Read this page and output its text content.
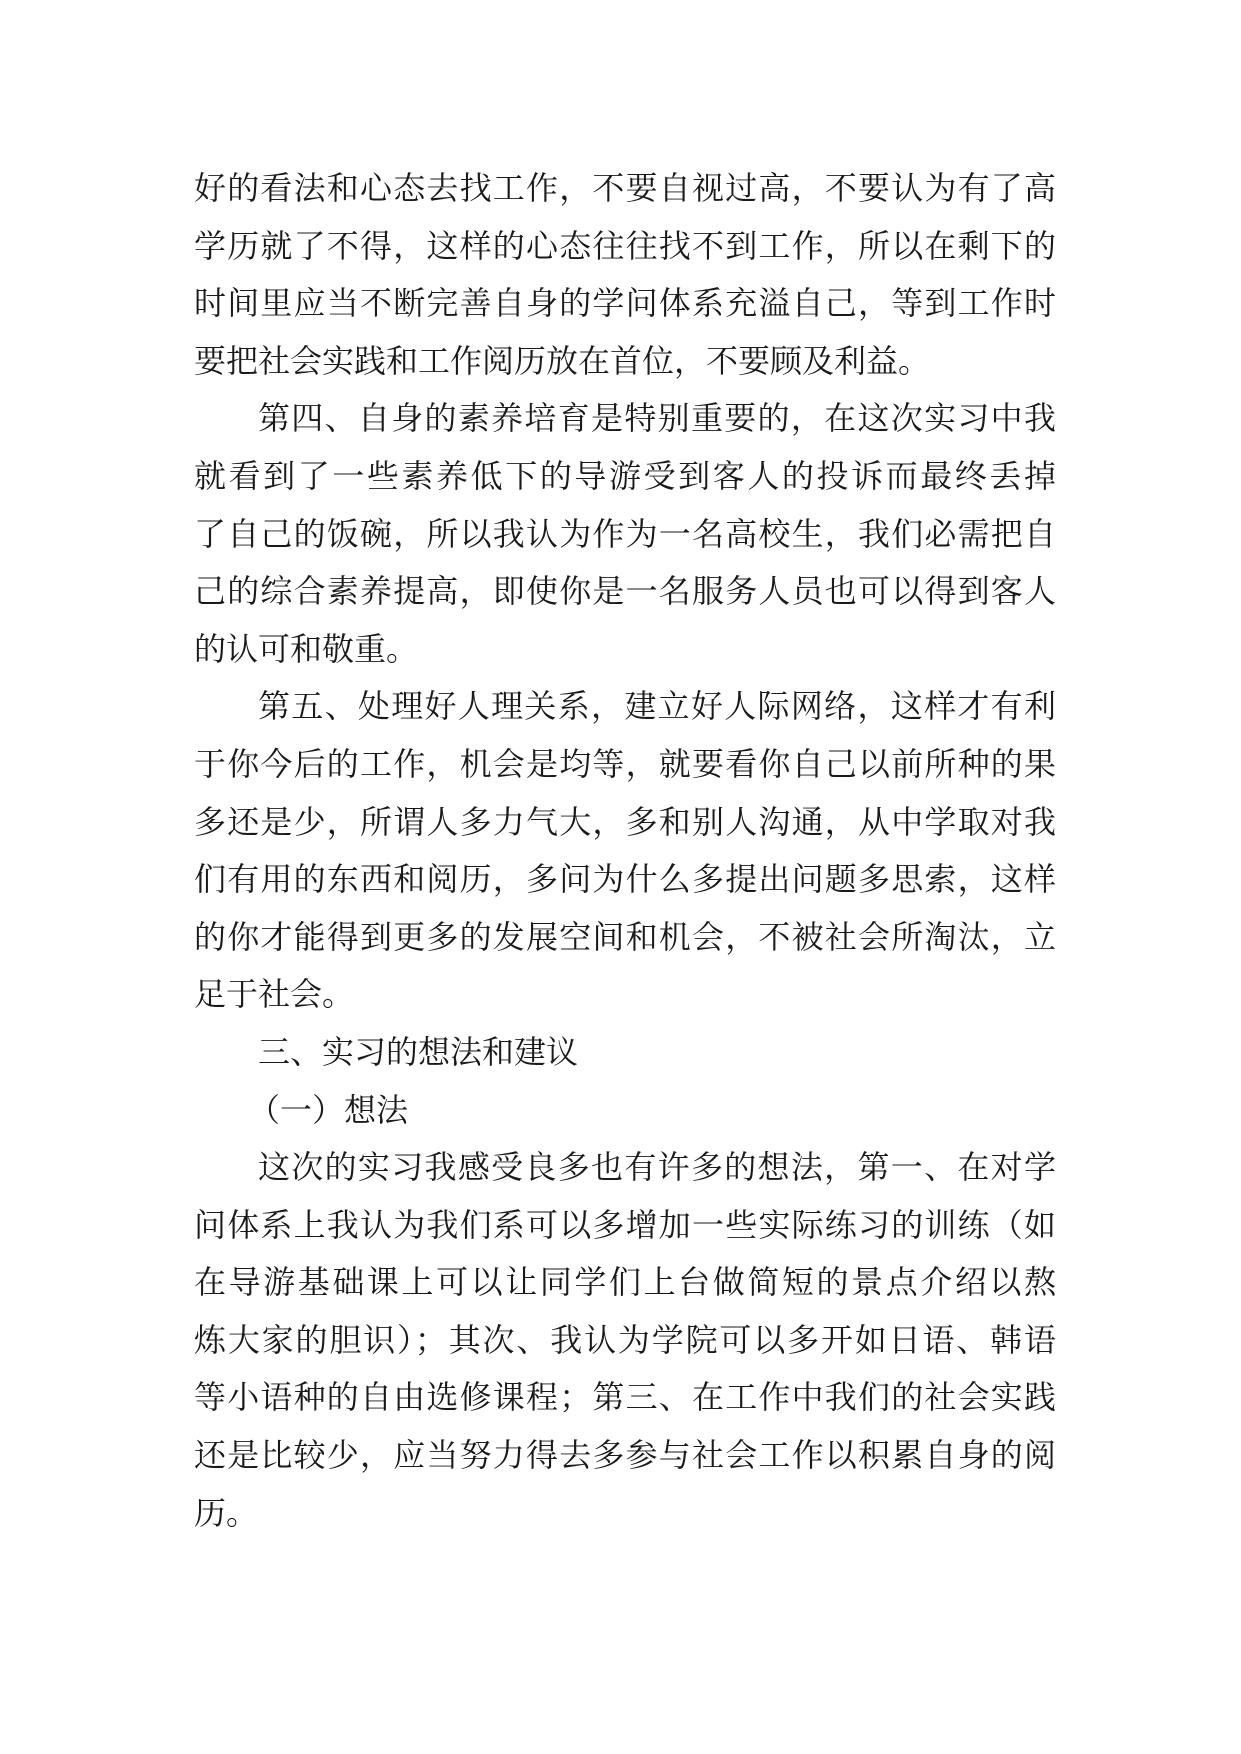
好的看法和心态去找工作，不要自视过高，不要认为有了高
学历就了不得，这样的心态往往找不到工作，所以在剩下的
时间里应当不断完善自身的学问体系充溢自己，等到工作时
要把社会实践和工作阅历放在首位，不要顾及利益。
第四、自身的素养培育是特别重要的，在这次实习中我
就看到了一些素养低下的导游受到客人的投诉而最终丢掉
了自己的饭碗，所以我认为作为一名高校生，我们必需把自
己的综合素养提高，即使你是一名服务人员也可以得到客人
的认可和敬重。
第五、处理好人理关系，建立好人际网络，这样才有利
于你今后的工作，机会是均等，就要看你自己以前所种的果
多还是少，所谓人多力气大，多和别人沟通，从中学取对我
们有用的东西和阅历，多问为什么多提出问题多思索，这样
的你才能得到更多的发展空间和机会，不被社会所淘汰，立
足于社会。
三、实习的想法和建议
（一）想法
这次的实习我感受良多也有许多的想法，第一、在对学
问体系上我认为我们系可以多增加一些实际练习的训练（如
在导游基础课上可以让同学们上台做简短的景点介绍以熬
炼大家的胆识）；其次、我认为学院可以多开如日语、韩语
等小语种的自由选修课程；第三、在工作中我们的社会实践
还是比较少，应当努力得去多参与社会工作以积累自身的阅
历。
